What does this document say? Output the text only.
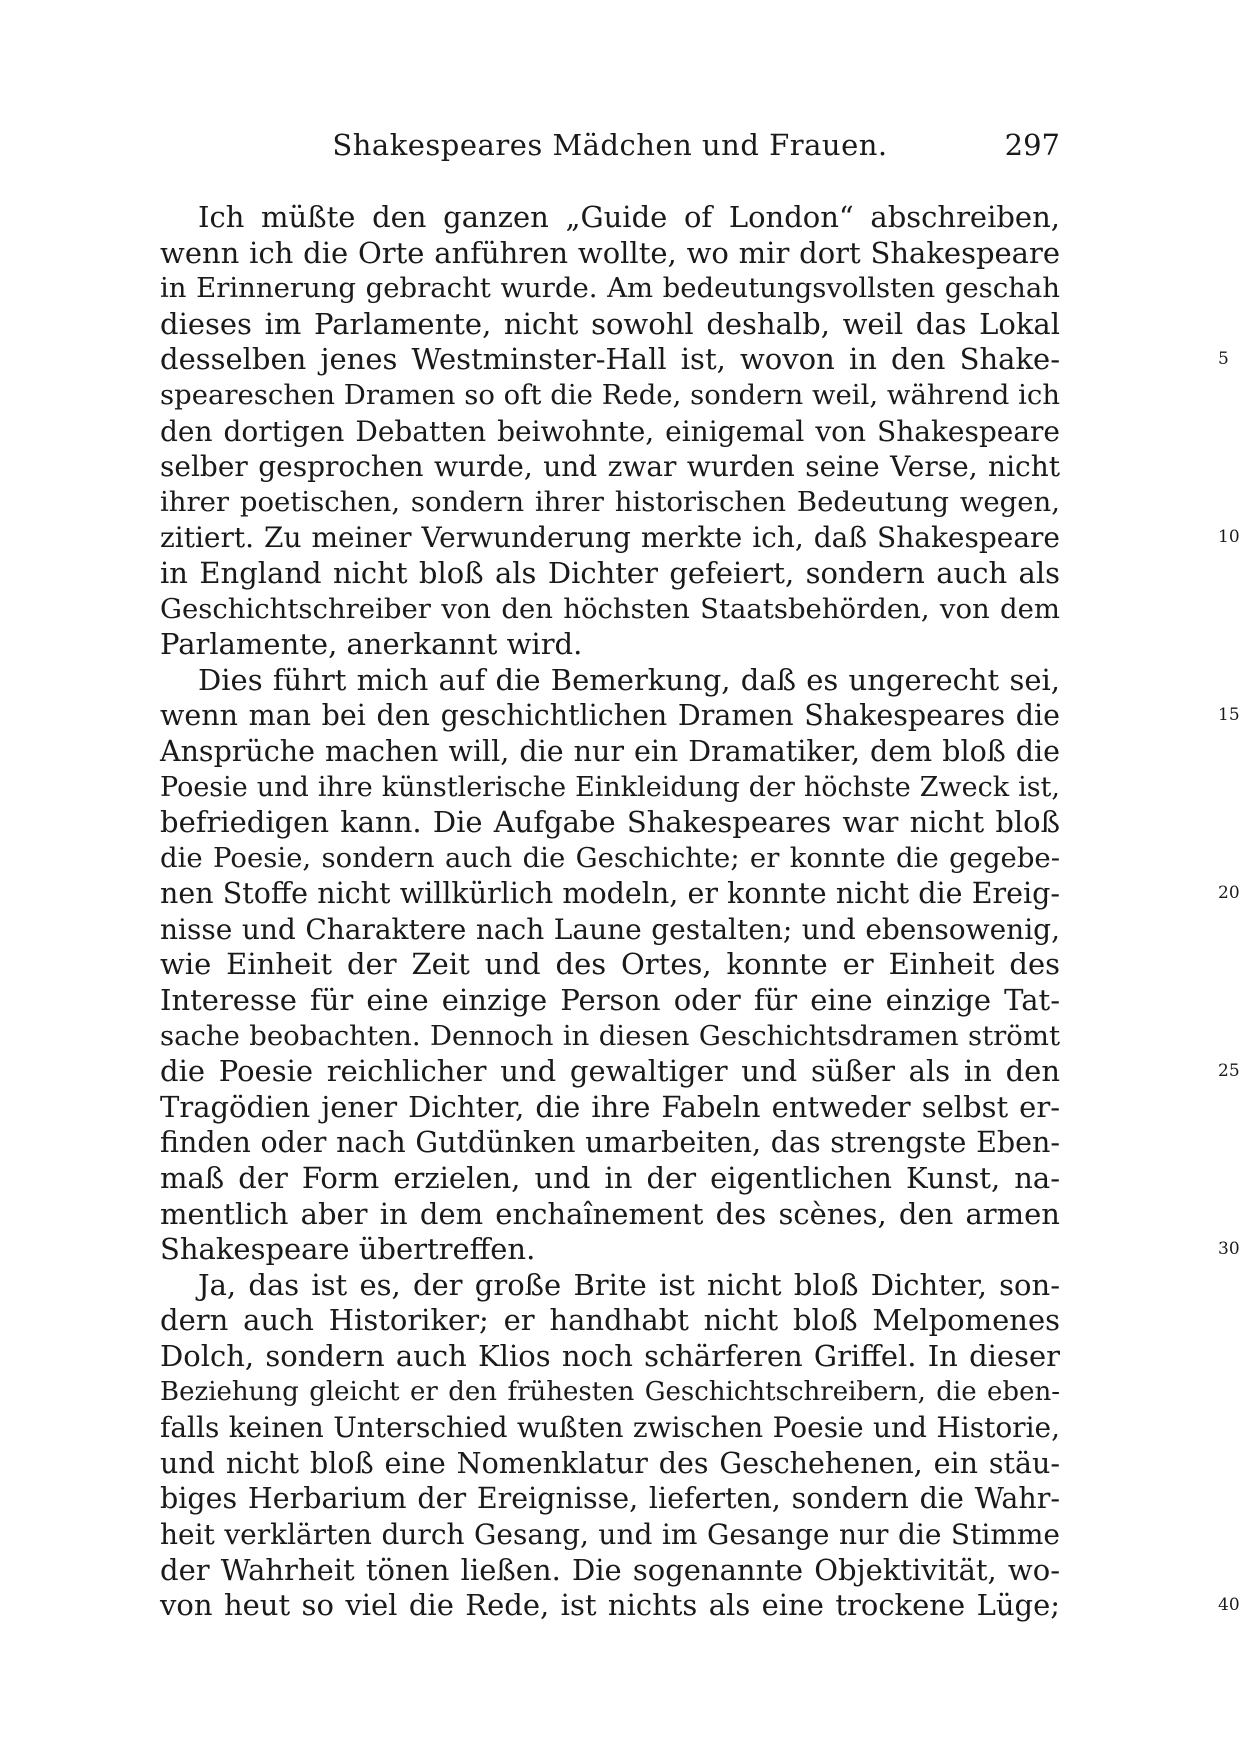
Shakespeares Mädchen und Frauen.	297
Ich müßte den ganzen „Guide of London“ abschreiben,
wenn ich die Orte anführen wollte, wo mir dort Shakespeare
in Erinnerung gebracht wurde. Am bedeutungsvollsten geschah
dieses im Parlamente, nicht sowohl deshalb, weil das Lokal
desselben jenes Westminster-Hall ist, wovon in den Shake-	5
speareschen Dramen so oft die Rede, sondern weil, während ich
den dortigen Debatten beiwohnte, einigemal von Shakespeare
selber gesprochen wurde, und zwar wurden seine Verse, nicht
ihrer poetischen, sondern ihrer historischen Bedeutung wegen,
zitiert. Zu meiner Verwunderung merkte ich, daß Shakespeare	10
in England nicht bloß als Dichter gefeiert, sondern auch als
Geschichtschreiber von den höchsten Staatsbehörden, von dem
Parlamente, anerkannt wird.
Dies führt mich auf die Bemerkung, daß es ungerecht sei,
wenn man bei den geschichtlichen Dramen Shakespeares die	15
Ansprüche machen will, die nur ein Dramatiker, dem bloß die
Poesie und ihre künstlerische Einkleidung der höchste Zweck ist,
befriedigen kann. Die Aufgabe Shakespeares war nicht bloß
die Poesie, sondern auch die Geschichte; er konnte die gegebe-
nen Stoffe nicht willkürlich modeln, er konnte nicht die Ereig-	20
nisse und Charaktere nach Laune gestalten; und ebensowenig,
wie Einheit der Zeit und des Ortes, konnte er Einheit des
Interesse für eine einzige Person oder für eine einzige Tat-
sache beobachten. Dennoch in diesen Geschichtsdramen strömt
die Poesie reichlicher und gewaltiger und süßer als in den	25
Tragödien jener Dichter, die ihre Fabeln entweder selbst er-
finden oder nach Gutdünken umarbeiten, das strengste Eben-
maß der Form erzielen, und in der eigentlichen Kunst, na-
mentlich aber in dem enchaînement des scènes, den armen
Shakespeare übertreffen.	30
Ja, das ist es, der große Brite ist nicht bloß Dichter, son-
dern auch Historiker; er handhabt nicht bloß Melpomenes
Dolch, sondern auch Klios noch schärferen Griffel. In dieser
Beziehung gleicht er den frühesten Geschichtschreibern, die eben-
falls keinen Unterschied wußten zwischen Poesie und Historie,
und nicht bloß eine Nomenklatur des Geschehenen, ein stäu-
biges Herbarium der Ereignisse, lieferten, sondern die Wahr-
heit verklärten durch Gesang, und im Gesange nur die Stimme
der Wahrheit tönen ließen. Die sogenannte Objektivität, wo-
von heut so viel die Rede, ist nichts als eine trockene Lüge;	40
